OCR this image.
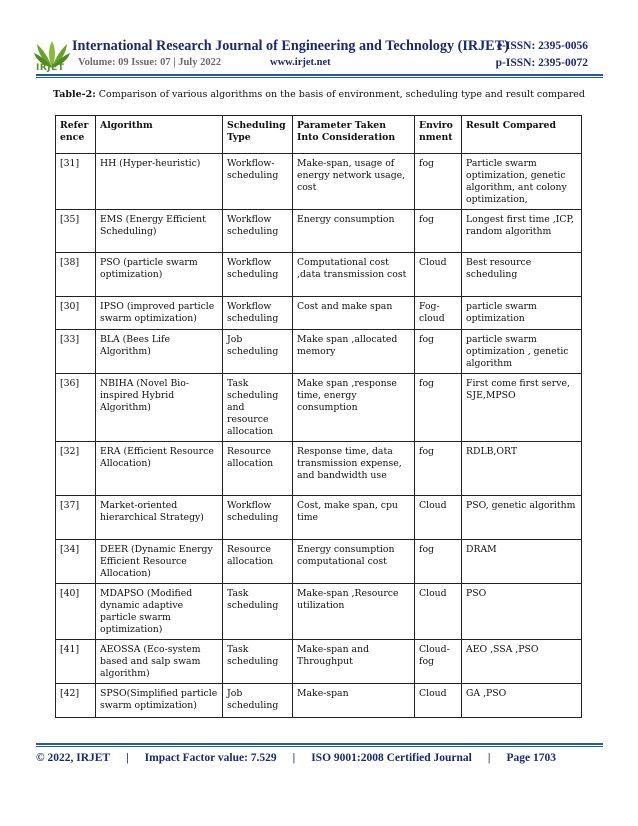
IRJET
International Research Journal of Engineering and Technology (IRJET)
e-ISSN: 2395-0056
Volume: 09 Issue: 07 | July 2022	www.irjet.net	p-ISSN: 2395-0072
Table-2: Comparison of various algorithms on the basis of environment, scheduling type and result compared
Refer ence	Algorithm	Scheduling Type	Parameter Taken Into Consideration	Enviro nment	Result Compared
[31]	HH (Hyper-heuristic)	Workflow-scheduling	Make-span, usage of energy network usage, cost	fog	Particle swarm optimization, genetic algorithm, ant colony optimization,
[35]	EMS (Energy Efficient Scheduling)	Workflow scheduling	Energy consumption	fog	Longest first time ,ICP, random algorithm
[38]	PSO (particle swarm optimization)	Workflow scheduling	Computational cost ,data transmission cost	Cloud	Best resource scheduling
[30]	IPSO (improved particle swarm optimization)	Workflow scheduling	Cost and make span	Fog-cloud	particle swarm optimization
[33]	BLA (Bees Life Algorithm)	Job scheduling	Make span ,allocated memory	fog	particle swarm optimization , genetic algorithm
[36]	NBIHA (Novel Bio-inspired Hybrid Algorithm)	Task scheduling and resource allocation	Make span ,response time, energy consumption	fog	First come first serve, SJE,MPSO
[32]	ERA (Efficient Resource Allocation)	Resource allocation	Response time, data transmission expense, and bandwidth use	fog	RDLB,ORT
[37]	Market-oriented hierarchical Strategy)	Workflow scheduling	Cost, make span, cpu time	Cloud	PSO, genetic algorithm
[34]	DEER (Dynamic Energy Efficient Resource Allocation)	Resource allocation	Energy consumption computational cost	fog	DRAM
[40]	MDAPSO (Modified dynamic adaptive particle swarm optimization)	Task scheduling	Make-span ,Resource utilization	Cloud	PSO
[41]	AEOSSA (Eco-system based and salp swam algorithm)	Task scheduling	Make-span and Throughput	Cloud-fog	AEO ,SSA ,PSO
[42]	SPSO(Simplified particle swarm optimization)	Job scheduling	Make-span	Cloud	GA ,PSO
© 2022, IRJET | Impact Factor value: 7.529 | ISO 9001:2008 Certified Journal | Page 1703
